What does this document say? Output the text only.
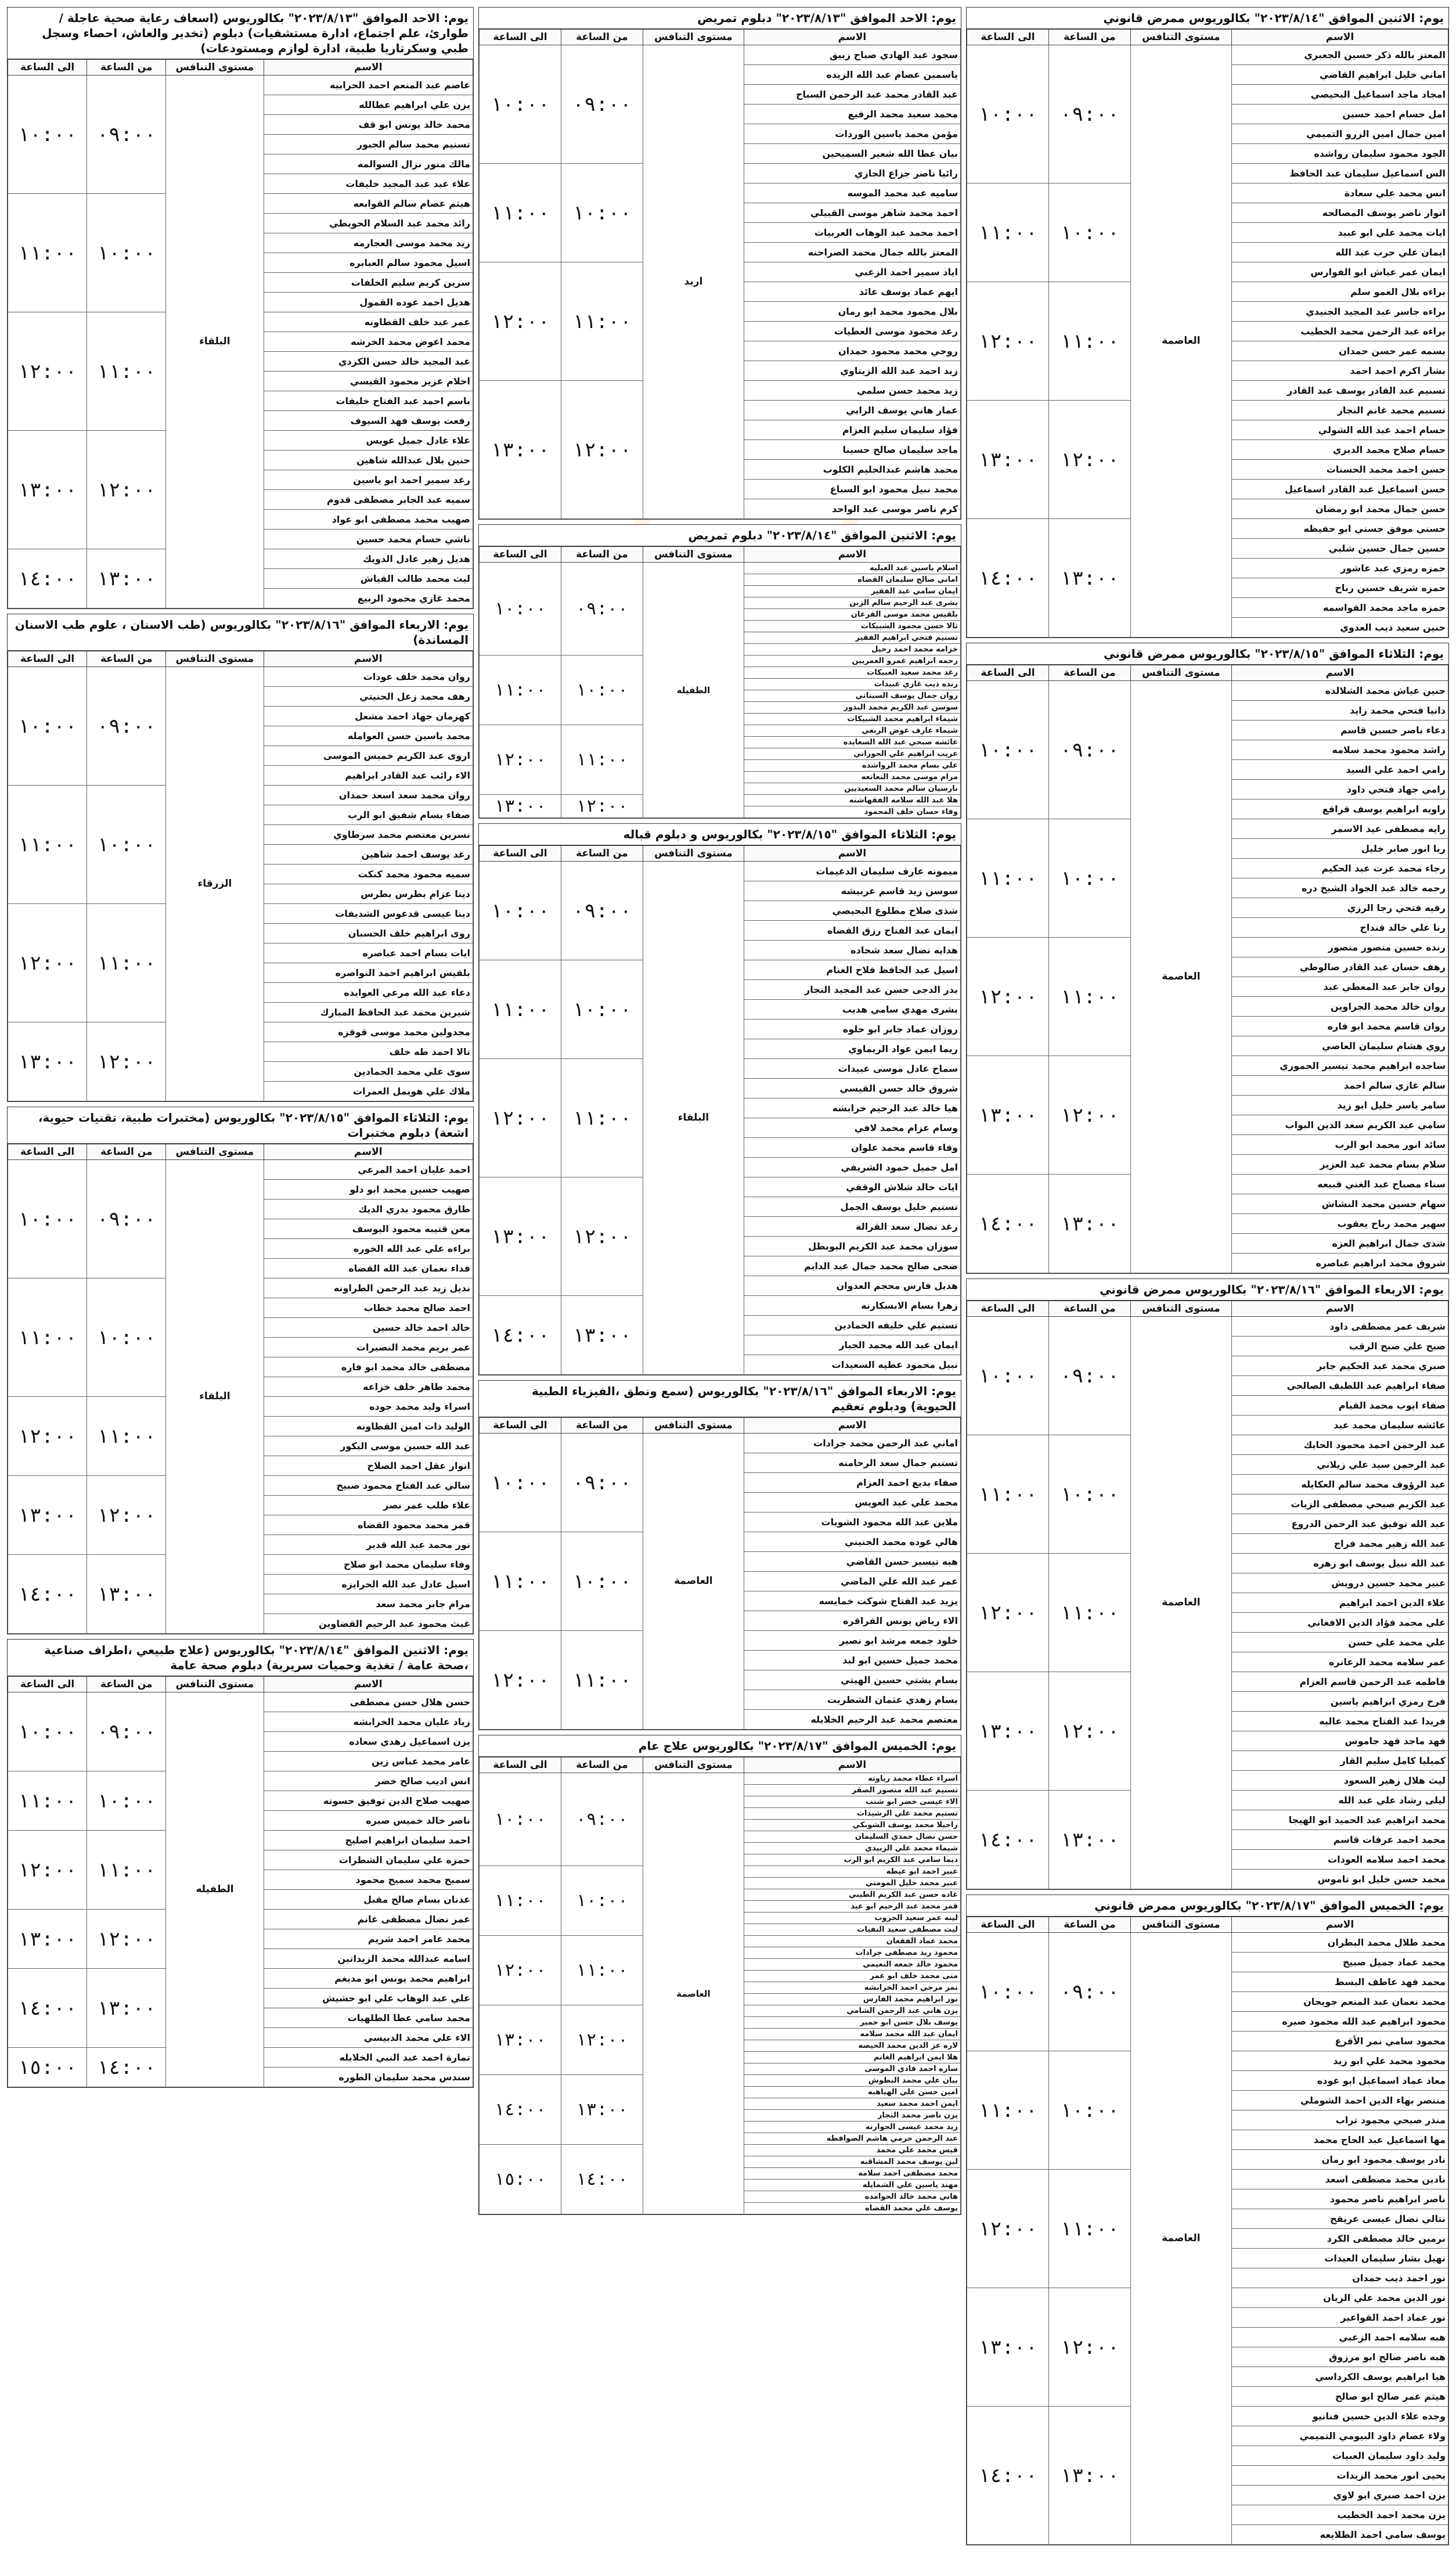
يوم: الاثنين الموافق "٢٠٢٣/٨/١٤" بكالوريوس ممرض قانوني
الاسم	مستوى التنافس	من الساعة	الى الساعة
المعتز بالله ذكر حسين الجعبري	العاصمة	٠٩:٠٠	١٠:٠٠
اماني خليل ابراهيم القاضي			
امجاد ماجد اسماعيل البحيصي			
امل حسام احمد حسين			
امين جمال امين الزرو التميمي			
الجود محمود سليمان رواشده			
الس اسماعيل سليمان عبد الحافظ			
انس محمد علي سعادة		١٠:٠٠	١١:٠٠
انوار ناصر يوسف المصالحه			
ايات محمد علي ابو عبيد			
ايمان علي حرب عبد الله			
ايمان عمر عياش ابو الفوارس			
براءه بلال العمو سلم		١١:٠٠	١٢:٠٠
براءه جاسر عبد المجيد الجنيدي			
براءه عبد الرحمن محمد الخطيب			
بسمه عمر حسن حمدان			
بشار اكرم احمد احمد			
تسنيم عبد القادر يوسف عبد القادر			
تسنيم محمد غانم النجار		١٢:٠٠	١٣:٠٠
حسام احمد عبد الله الشولي			
حسام صلاح محمد الديري			
حسن احمد محمد الحسنات			
حسن اسماعيل عبد القادر اسماعيل			
حسن جمال محمد ابو رمضان			
حسني موفق حسني ابو حفيظه		١٣:٠٠	١٤:٠٠
حسين جمال حسين شلبي			
حمزه رمزي عبد عاشور			
حمزه شريف حسين رباح			
حمزه ماجد محمد القواسمه			
حنين سعيد ذيب العدوي			
يوم: الثلاثاء الموافق "٢٠٢٣/٨/١٥" بكالوريوس ممرض قانوني
الاسم	مستوى التنافس	من الساعة	الى الساعة
حنين عياش محمد الشلالده	العاصمة	٠٩:٠٠	١٠:٠٠
دانيا فتحي محمد زايد			
دعاء ناصر حسين قاسم			
راشد محمود محمد سلامه			
رامي احمد علي السيد			
رامي جهاد فتحي داود			
راويه ابراهيم يوسف قراقع			
رايه مصطفى عيد الاسمر		١٠:٠٠	١١:٠٠
ريا انور صابر خليل			
رجاء محمد عزت عبد الحكيم			
رحمه خالد عبد الجواد الشيخ دره			
رفيه فتحي رجا الرزي			
رنا علي خالد قنداح			
رنده حسين منصور منصور		١١:٠٠	١٢:٠٠
رهف حسان عبد القادر صالوطي			
روان جابر عبد المعطي عبد			
روان خالد محمد الجراوين			
روان قاسم محمد ابو فاره			
روي هشام سليمان العاصي			
ساجده ابراهيم محمد تيسير الحموري		١٢:٠٠	١٣:٠٠
سالم غازي سالم احمد			
سامر ياسر خليل ابو زيد			
سامي عبد الكريم سعد الدين البواب			
سائد انور محمد ابو الرب			
سلام بسام محمد عبد العزيز			
سناء مصباح عبد الغني قبيعه		١٣:٠٠	١٤:٠٠
سهام حسين محمد النشاش			
سهير محمد رباح يعقوب			
شذى جمال ابراهيم العزه			
شروق محمد ابراهيم عباصره			
يوم: الاربعاء الموافق "٢٠٢٣/٨/١٦" بكالوريوس ممرض قانوني
الاسم	مستوى التنافس	من الساعة	الى الساعة
شريف عمر مصطفى داود	العاصمة	٠٩:٠٠	١٠:٠٠
صبح علي صبح الرقب			
صبري محمد عبد الحكيم جابر			
صفاء ابراهيم عبد اللطيف الصالحي			
صفاء ايوب محمد القيام			
عائشه سليمان محمد عبد			
عبد الرحمن احمد محمود الحايك		١٠:٠٠	١١:٠٠
عبد الرحمن سيد علي زيلاني			
عبد الرؤوف محمد سالم العكايله			
عبد الكريم صبحي مصطفى الزيات			
عبد الله توفيق عبد الرحمن الدروع			
عبد الله زهير محمد فراج			
عبد الله نبيل يوسف ابو زهره		١١:٠٠	١٢:٠٠
عبير محمد حسين درويش			
علاء الدين احمد ابراهيم			
علي محمد فؤاد الدين الافغاني			
علي محمد علي حسن			
عمر سلامه محمد الزعانره			
فاطمه عبد الرحمن قاسم العزام		١٢:٠٠	١٣:٠٠
فرح رمزي ابراهيم ياسين			
فريدا عبد الفتاح محمد عاليه			
فهد ماجد فهد جاموس			
كميليا كامل سليم القار			
ليث هلال زهير السعود			
ليلى رشاد علي عبد الله		١٣:٠٠	١٤:٠٠
محمد ابراهيم عبد الحميد ابو الهيجا			
محمد احمد عرفات قاسم			
محمد احمد سلامه العودات			
محمد حسن خليل ابو تاموس			
يوم: الخميس الموافق "٢٠٢٣/٨/١٧" بكالوريوس ممرض قانوني
الاسم	مستوى التنافس	من الساعة	الى الساعة
محمد طلال محمد البطران	العاصمة	٠٩:٠٠	١٠:٠٠
محمد عماد جميل صبيح			
محمد فهد عاطف البسط			
محمد نعمان عبد المنعم جويحان			
محمود ابراهيم عبد الله محمود صبره			
محمود سامي نمر الأقرع			
محمود محمد علي ابو زيد		١٠:٠٠	١١:٠٠
معاذ عماد اسماعيل ابو عوده			
منتصر بهاء الدين احمد الشوملي			
منذر صبحي محمود تراب			
مها اسماعيل عبد الحاج محمد			
نادر يوسف محمود ابو رمان			
نادين محمد مصطفى اسعد		١١:٠٠	١٢:٠٠
ناصر ابراهيم ناصر محمود			
نتالي نضال عيسى عريقج			
نرمين خالد مصطفى الكرد			
نهيل بشار سليمان العيدات			
نور احمد ذيب حمدان			
نور الدين محمد علي الريان		١٢:٠٠	١٣:٠٠
نور عماد احمد القواعير			
هبه سلامه احمد الزعبي			
هبه ناصر صالح ابو مرزوق			
هيا ابراهيم يوسف الكرداسي			
هيثم عمر صالح ابو صالح			
وجده علاء الدين حسين فنانيو		١٣:٠٠	١٤:٠٠
ولاء عصام داود البيومي التميمي			
وليد داود سليمان العبيات			
يحيى انور محمد الزيدات			
يزن احمد صبري ابو لاوي			
يزن محمد احمد الخطيب			
يوسف سامي احمد الطلايعه			
يوم: الاحد الموافق "٢٠٢٣/٨/١٣" دبلوم تمريض
الاسم	مستوى التنافس	من الساعة	الى الساعة
سجود عبد الهادي صباح زبيق	اربد	٠٩:٠٠	١٠:٠٠
ياسمين عصام عبد الله الزيده			
عبد القادر محمد عبد الرحمن السباح			
محمد سعيد محمد الرفيع			
مؤمن محمد ياسين الوردات			
بيان عطا الله شعير السميحين			
رائيا ناصر جزاع الجازي		١٠:٠٠	١١:٠٠
ساميه عبد محمد الموسه			
احمد محمد شاهر موسى القبيلي			
احمد محمد عبد الوهاب العربيات			
المعتز بالله جمال محمد الصراحنه			
اياد سمير احمد الزعبي		١١:٠٠	١٢:٠٠
ايهم عماد يوسف عائد			
بلال محمود محمد ابو رمان			
رعد محمود موسى العطيات			
روحي محمد محمود حمدان			
زيد احمد عبد الله الزيتاوي			
زيد محمد حسن سلمي		١٢:٠٠	١٣:٠٠
عمار هاني يوسف الرابي			
فؤاد سليمان سليم العزام			
ماجد سليمان صالح حسينا			
محمد هاشم عبدالحليم الكلوب			
محمد نبيل محمود ابو السباع			
كرم ناصر موسى عبد الواحد			
يوم: الاثنين الموافق "٢٠٢٣/٨/١٤" دبلوم تمريض
الاسم	مستوى التنافس	من الساعة	الى الساعة
اسلام ياسين عبد العبليه	الطفيله	٠٩:٠٠	١٠:٠٠
اماني صالح سليمان القضاه			
ايمان سامي عبد الفقير			
بشرى عبد الرحيم سالم الزبن			
بلقيس محمد موسى القرعان			
ثالا حسن محمود الشبيكات			
تسنيم فتحي ابراهيم الفقير			
خزامه محمد احمد رحيل			
رحمه ابراهيم عمرو العمريين		١٠:٠٠	١١:٠٠
رغد محمد سعيد العبيكات			
رنده ذيب غازي عبيدات			
روان جمال يوسف السيتاتي			
سوسن عبد الكريم محمد البدور			
شيماء ابراهيم محمد الشبيكات			
شيماء عارف عوض الربعي		١١:٠٠	١٢:٠٠
عائشه صبحي عبد الله السعايده			
عريب ابراهيم علي الحوراني			
علي بسام محمد الرواشده			
مرام موسى محمد النعانعه			
نارسيان سالم محمد السعيديين			
هلا عبد الله سلامه الفقهاشنه		١٢:٠٠	١٣:٠٠
وفاء حسان خلف المحمود			
يوم: الثلاثاء الموافق "٢٠٢٣/٨/١٥" بكالوريوس و دبلوم قباله
الاسم	مستوى التنافس	من الساعة	الى الساعة
ميمونه عارف سليمان الدغيمات	البلقاء	٠٩:٠٠	١٠:٠٠
سوسن زيد قاسم عربيشه			
شذى صلاح مطلوع البحيصي			
ايمان عبد الفتاح رزق القضاه			
هدايه نضال سعد شحاده			
اسيل عبد الحافظ فلاح الغنام		١٠:٠٠	١١:٠٠
بدر الدجى حسن عبد المجيد النجار			
بشرى مهدي سامي هديب			
روزان عماد جابر ابو حلوه			
ريما ايمن عواد الريماوي			
سماح عادل موسى عبيدات		١١:٠٠	١٢:٠٠
شروق خالد حسن القيسي			
هيا خالد عبد الرحيم خرابشه			
وسام عزام محمد لافي			
وفاء قاسم محمد علوان			
امل جميل حمود الشريفي			
ايات خالد شلاش الوقفي		١٢:٠٠	١٣:٠٠
تسنيم خليل يوسف الجمل			
رغد نضال سعد القرالة			
سوزان محمد عبد الكريم البويطل			
ضحى صالح محمد جمال عبد الدايم			
هديل فارس محجم العدوان			
زهرا بسام الابسكارنه		١٣:٠٠	١٤:٠٠
تسنيم علي خليفه الحمادين			
ايمان عبد الله محمد الجبار			
نبيل محمود عطيه السعيدات			
يوم: الاربعاء الموافق "٢٠٢٣/٨/١٦" بكالوريوس (سمع ونطق ،الفيزياء الطبية الحيوية) ودبلوم تعقيم
الاسم	مستوى التنافس	من الساعة	الى الساعة
اماني عبد الرحمن محمد جرادات	العاصمة	٠٩:٠٠	١٠:٠٠
تسنيم جمال سعد الرحامنه			
صفاء بديع احمد العزام			
محمد علي عبد العويس			
ملاين عبد الله محمود الشويات			
هالي عوده محمد الحنيني		١٠:٠٠	١١:٠٠
هيه تيسير حسن القاضي			
عمر عبد الله علي الماضي			
يزيد عبد الفتاح شوكت خمايسه			
الاء رياض يونس الفراقره			
خلود جمعه مرشد ابو نصير		١١:٠٠	١٢:٠٠
محمد جميل حسين ابو لبد			
بسام بشتي حسين الهيتي			
بسام زهدي عثمان الشطريت			
معتصم محمد عبد الرحيم الخلايله			
يوم: الخميس الموافق "٢٠٢٣/٨/١٧" بكالوريوس علاج عام
الاسم	مستوى التنافس	من الساعة	الى الساعة
اسراء عطاء محمد رياوته	العاصمة	٠٩:٠٠	١٠:٠٠
تسنيم عبد الله منصور الصقر			
الاء عيسى خضر ابو شنب			
تسنيم محمد علي الرشيدات			
راحيلا محمد يوسف الشوبكي			
حسن نضال حمدي السليمان			
شيماء محمد علي الزبيدي			
ديما سامي عبد الكريم ابو الرب			
عبير احمد ابو عيطه		١٠:٠٠	١١:٠٠
عبير محمد خليل المومني			
غاده حسن عبد الكريم الطيبي			
قمر محمد عبد الرحيم ابو عيد			
لينه عمر سعيد الحروب			
ليث مصطفى سعيد النفيات			
محمد عماد الفقعان		١١:٠٠	١٢:٠٠
محمود ريد مصطفى جرادات			
محمود خالد جمعه النعيمي			
منى محمد خلف ابو عمر			
نمر مرجي احمد الخرابشه			
نور ابراهيم محمد الفارس			
يزن هاني عبد الرحمن الشامي		١٢:٠٠	١٣:٠٠
يوسف بلال حسن ابو حمير			
ايمان عبد الله محمد سلامه			
لاره عز الدين محمد الحيصه			
هلا ايمن ابراهيم الغانم			
ساره احمد فادي الموسى			
بيان علي محمد البطوش		١٣:٠٠	١٤:٠٠
امين حسن علي الهباهبه			
ايمن احمد محمد سعيد			
يزن ناصر محمد النجار			
زيد محمد عيسى الجوارنه			
عبد الرحمن حرمي هاشم الصوافطه			
قيس محمد علي محمد		١٤:٠٠	١٥:٠٠
لين يوسف محمد المشاقبه			
محمد مصطفى احمد سلامه			
مهند ياسين علي الشمايله			
هاني محمد خالد الحوامده			
يوسف علي محمد القضاه			
يوم: الاحد الموافق "٢٠٢٣/٨/١٣" بكالوريوس (اسعاف رعاية صحية عاجلة / طوارئ، علم اجتماع، ادارة مستشفيات) دبلوم (تخدير والعاش، احصاء وسجل طبي وسكرتاريا طبية، ادارة لوازم ومستودعات)
الاسم	مستوى التنافس	من الساعة	الى الساعة
عاصم عبد المنعم احمد الحرابيه	البلقاء	٠٩:٠٠	١٠:٠٠
يزن علي ابراهيم عطالله			
محمد خالد يونس ابو قف			
تسنيم محمد سالم الجبور			
مالك منور نزال السوالمه			
علاء عبد عبد المجيد خليفات			
هيثم عصام سالم القوابعه		١٠:٠٠	١١:٠٠
رائد محمد عبد السلام الحويطي			
زيد محمد موسى العجارمه			
اسيل محمود سالم العبابره			
سرين كريم سليم الخلفات			
هديل احمد عوده القمول			
عمر عبد خلف القطاونه		١١:٠٠	١٢:٠٠
محمد اعوض محمد الخرشه			
عبد المجيد خالد حسن الكردي			
احلام عزيز محمود القيسي			
باسم احمد عبد الفتاح خليفات			
رفعت يوسف فهد السيوف			
علاء عادل جميل عويس		١٢:٠٠	١٣:٠٠
حنين بلال عبدالله شاهين			
رغد سمير احمد ابو ياسين			
سميه عبد الجابر مصطفى قدوم			
صهيب محمد مصطفى ابو عواد			
ناشي حسام محمد حسين			
هديل زهير عادل الدويك		١٣:٠٠	١٤:٠٠
ليث محمد طالب القياش			
محمد غازي محمود الربيع			
يوم: الاربعاء الموافق "٢٠٢٣/٨/١٦" بكالوريوس (طب الاسنان ، علوم طب الاسنان المساندة)
الاسم	مستوى التنافس	من الساعة	الى الساعة
روان محمد خلف عودات	الزرقاء	٠٩:٠٠	١٠:٠٠
رهف محمد زعل الحنيتي			
كهرمان جهاد احمد مشعل			
محمد ياسين حسن العوامله			
اروى عبد الكريم خميس الموسى			
الاء رائب عبد القادر ابراهيم			
روان محمد سعد اسعد حمدان		١٠:٠٠	١١:٠٠
صفاء بسام شفيق ابو الرب			
نسرين معتصم محمد سرطاوي			
رغد يوسف احمد شاهين			
سميه محمود محمد كنكت			
دينا عزام بطرس بطرس			
دينا عيسى قدعوس الشديفات		١١:٠٠	١٢:٠٠
روى ابراهيم خلف الحسبان			
ايات بسام احمد عباصره			
بلقيس ابراهيم احمد النواصره			
دعاء عبد الله مرعي العوايده			
شيرين محمد عبد الحافظ المبارك			
مجدولين محمد موسى قوقزه		١٢:٠٠	١٣:٠٠
تالا احمد طه خلف			
سوى علي محمد الحمادين			
ملاك علي هويمل العمرات			
يوم: الثلاثاء الموافق "٢٠٢٣/٨/١٥" بكالوريوس (مختبرات طبية، تقنيات حيوية، اشعة) دبلوم مختبرات
الاسم	مستوى التنافس	من الساعة	الى الساعة
احمد عليان احمد المرعي	البلقاء	٠٩:٠٠	١٠:٠٠
صهيب حسين محمد ابو دلو			
طارق محمود بدري الديك			
معن قتيبه محمود اليوسف			
براءه علي عبد الله الخوره			
فداء نعمان عبد الله القضاه			
نديل زيد عبد الرحمن الطراونه		١٠:٠٠	١١:٠٠
احمد صالح محمد خطاب			
خالد احمد خالد حسين			
عمر بريم محمد النصيرات			
مصطفى خالد محمد ابو فاره			
محمد طاهر خلف خزاعه			
اسراء وليد محمد جوده		١١:٠٠	١٢:٠٠
الوليد ذات امين القطاونه			
عبد الله حسين موسى البكور			
انوار عقل احمد الصلاح			
سالي عبد الفتاح محمود صبيح		١٢:٠٠	١٣:٠٠
علاء طلب عمر نصر			
قمر محمد محمود القضاه			
نور محمد عبد الله قدير			
وفاء سليمان محمد ابو صلاح		١٣:٠٠	١٤:٠٠
اسيل عادل عبد الله الحرايزه			
مرام جابر محمد سعد			
غيث محمود عبد الرحيم القضاوين			
يوم: الاثنين الموافق "٢٠٢٣/٨/١٤" بكالوريوس (علاج طبيعي ،اطراف صناعية ،صحة عامة / تغذية وحميات سريرية) دبلوم صحة عامة
الاسم	مستوى التنافس	من الساعة	الى الساعة
حسن هلال حسن مصطفى	الطفيله	٠٩:٠٠	١٠:٠٠
زياد عليان محمد الخرابشه			
يزن اسماعيل زهدي سعاده			
عامر محمد عباس زين			
انس اديب صالح خضر		١٠:٠٠	١١:٠٠
صهيب صلاح الدين توفيق حسونه			
ناصر خالد خميس صبره			
احمد سليمان ابراهيم اصليح		١١:٠٠	١٢:٠٠
حمزه علي سليمان الشطرات			
سميح محمد سميح محمود			
عدنان بسام صالح مقبل			
عمر نضال مصطفى غانم		١٢:٠٠	١٣:٠٠
محمد عامر احمد شريم			
اسامه عبدالله محمد الزيداتين			
ابراهيم محمد يونس ابو مديغم		١٣:٠٠	١٤:٠٠
علي عبد الوهاب علي ابو حشيش			
محمد سامي عطا الطلهيات			
الاء علي محمد الدبيسي			
تمارة احمد عبد النبي الخلايله		١٤:٠٠	١٥:٠٠
سندس محمد سليمان الطوره			
